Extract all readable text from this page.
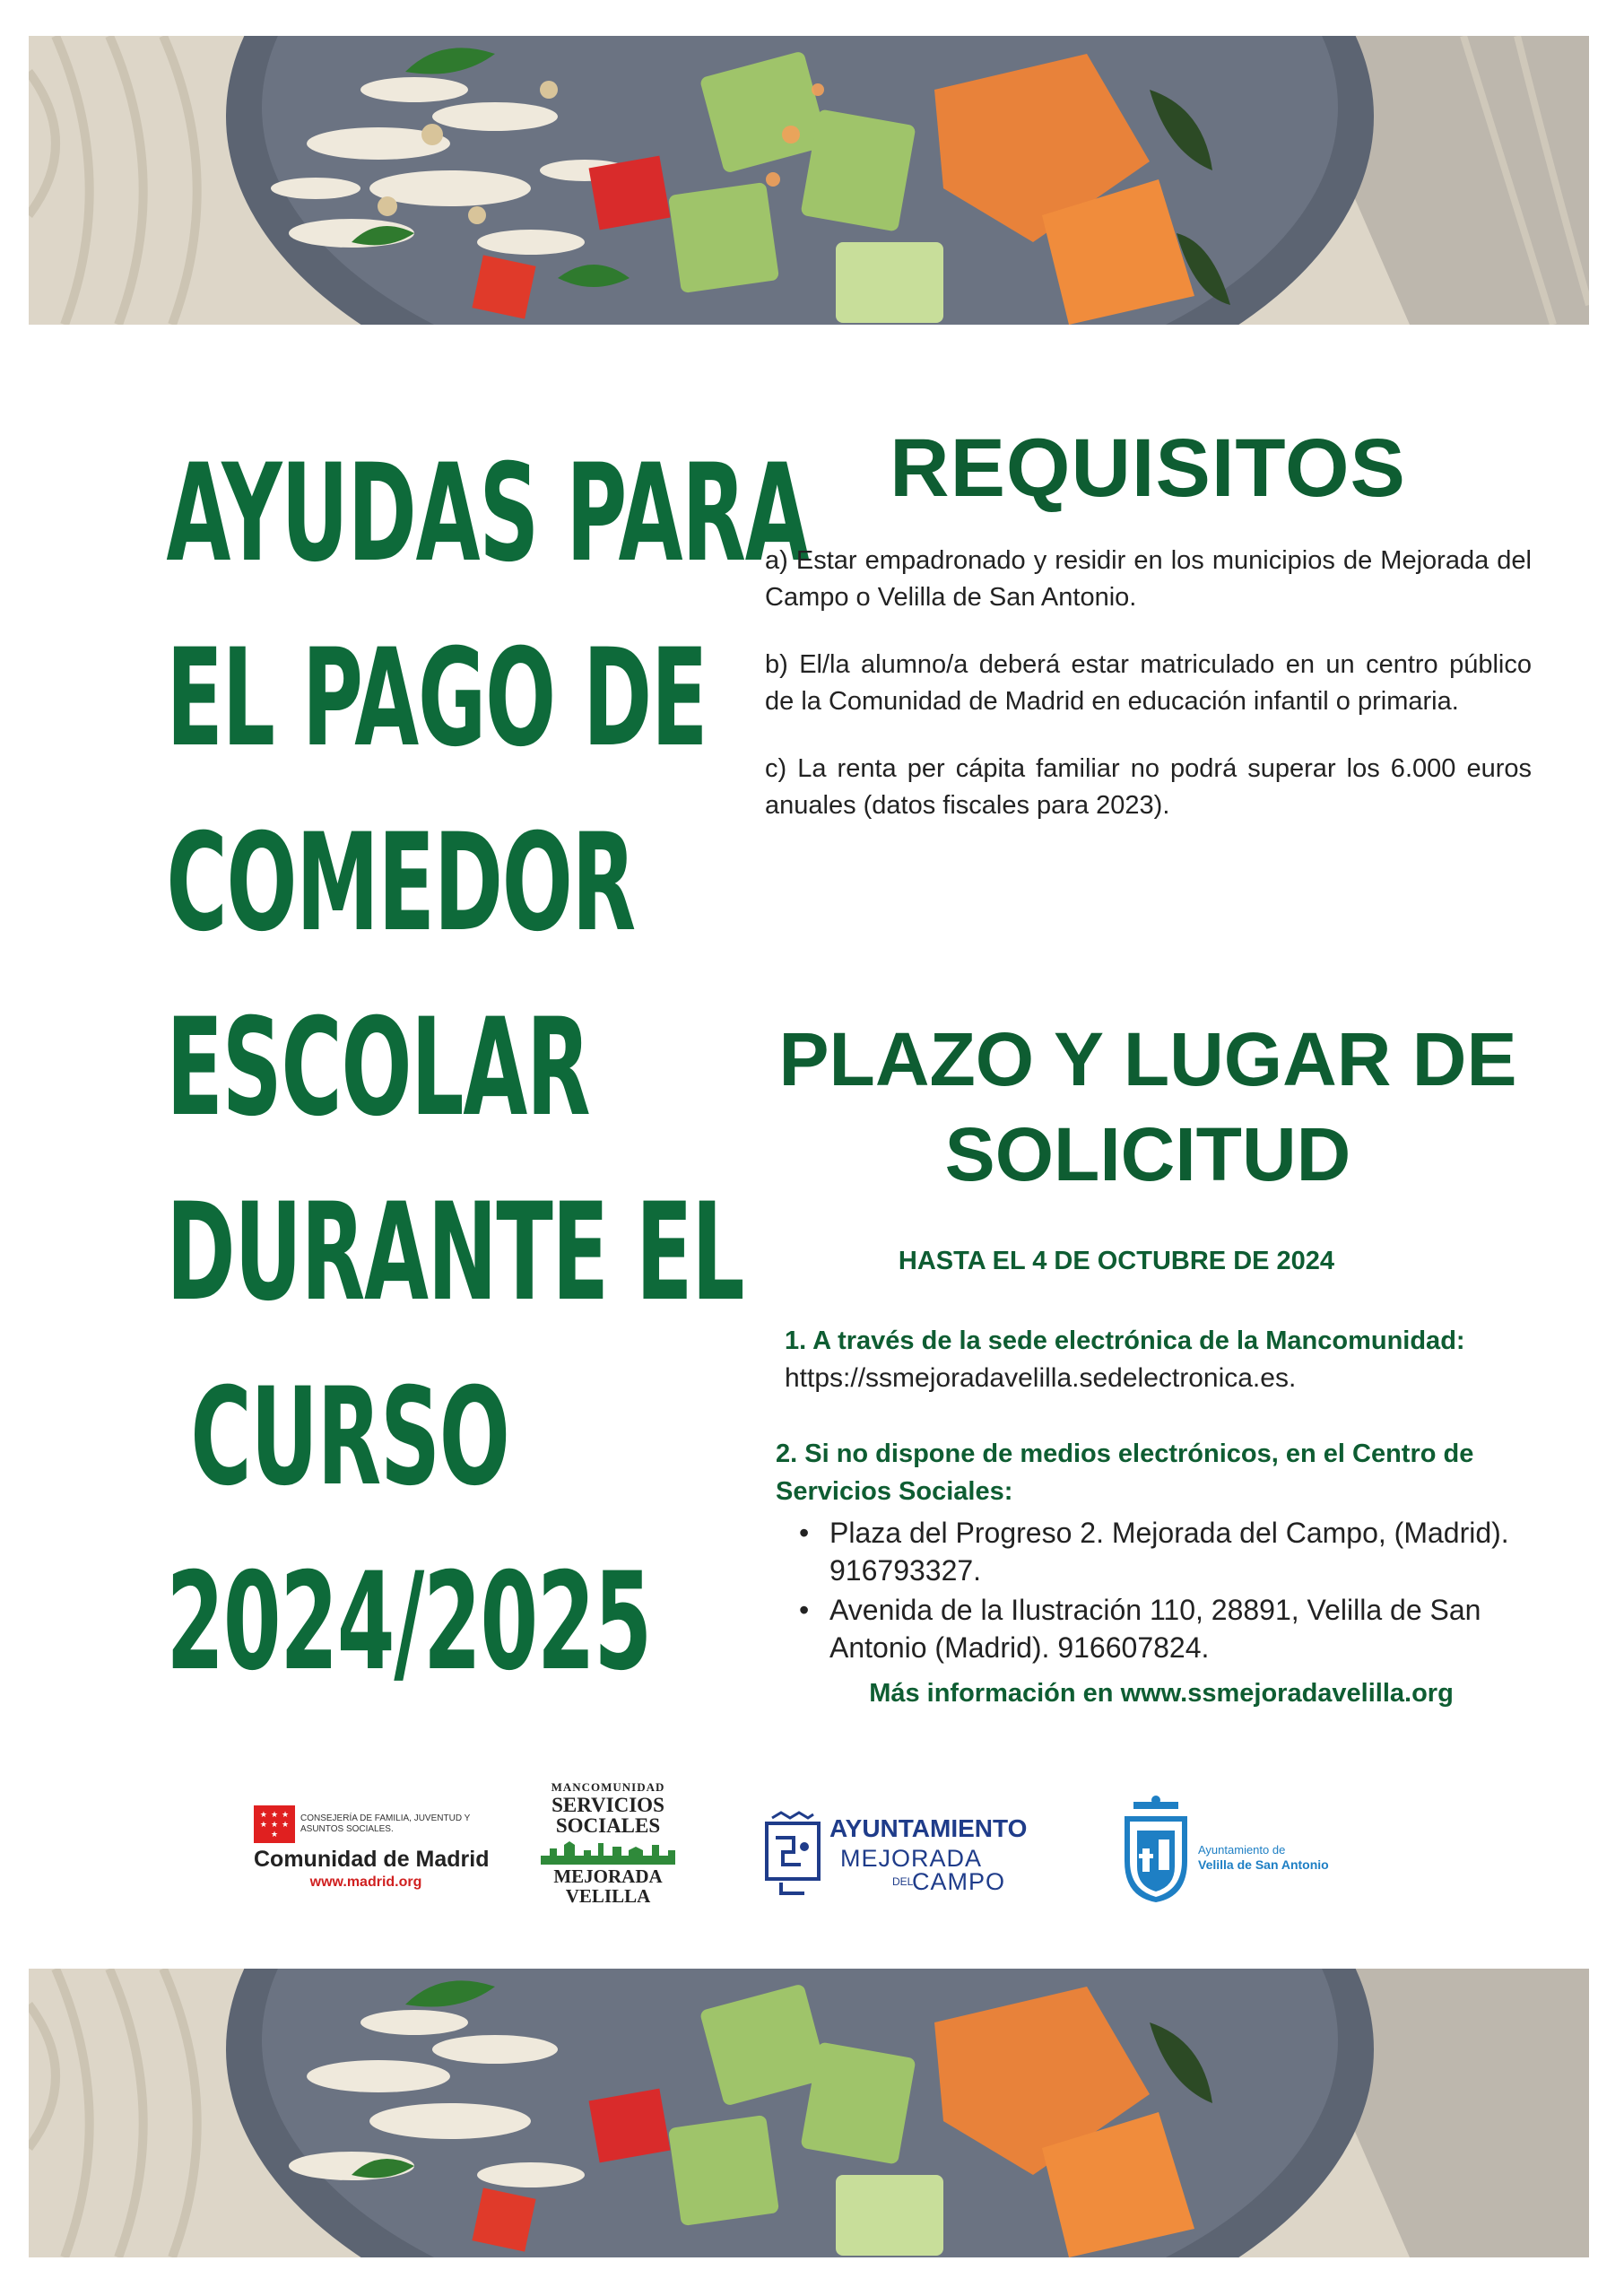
AYUDAS PARA
EL PAGO DE
COMEDOR
ESCOLAR
DURANTE EL
CURSO
2024/2025
REQUISITOS

a) Estar empadronado y residir en los municipios de Mejorada del Campo o Velilla de San Antonio.

b) El/la alumno/a deberá estar matriculado en un centro público de la Comunidad de Madrid en educación infantil o primaria.

c) La renta per cápita familiar no podrá superar los 6.000 euros anuales (datos fiscales para 2023).

PLAZO Y LUGAR DE
SOLICITUD
HASTA EL 4 DE OCTUBRE DE 2024
1. A través de la sede electrónica de la Mancomunidad:
https://ssmejoradavelilla.sedelectronica.es.
2. Si no dispone de medios electrónicos, en el Centro de Servicios Sociales:
• Plaza del Progreso 2. Mejorada del Campo, (Madrid). 916793327.
• Avenida de la Ilustración 110, 28891, Velilla de San Antonio (Madrid). 916607824.
Más información en www.ssmejoradavelilla.org
★ ★ ★
★ ★ ★
★
CONSEJERÍA DE FAMILIA, JUVENTUD Y ASUNTOS SOCIALES.
Comunidad de Madrid
www.madrid.org
MANCOMUNIDAD
SERVICIOS
SOCIALES
MEJORADA
VELILLA
AYUNTAMIENTO
MEJORADA
DEL
CAMPO
Ayuntamiento de
Velilla de San Antonio
